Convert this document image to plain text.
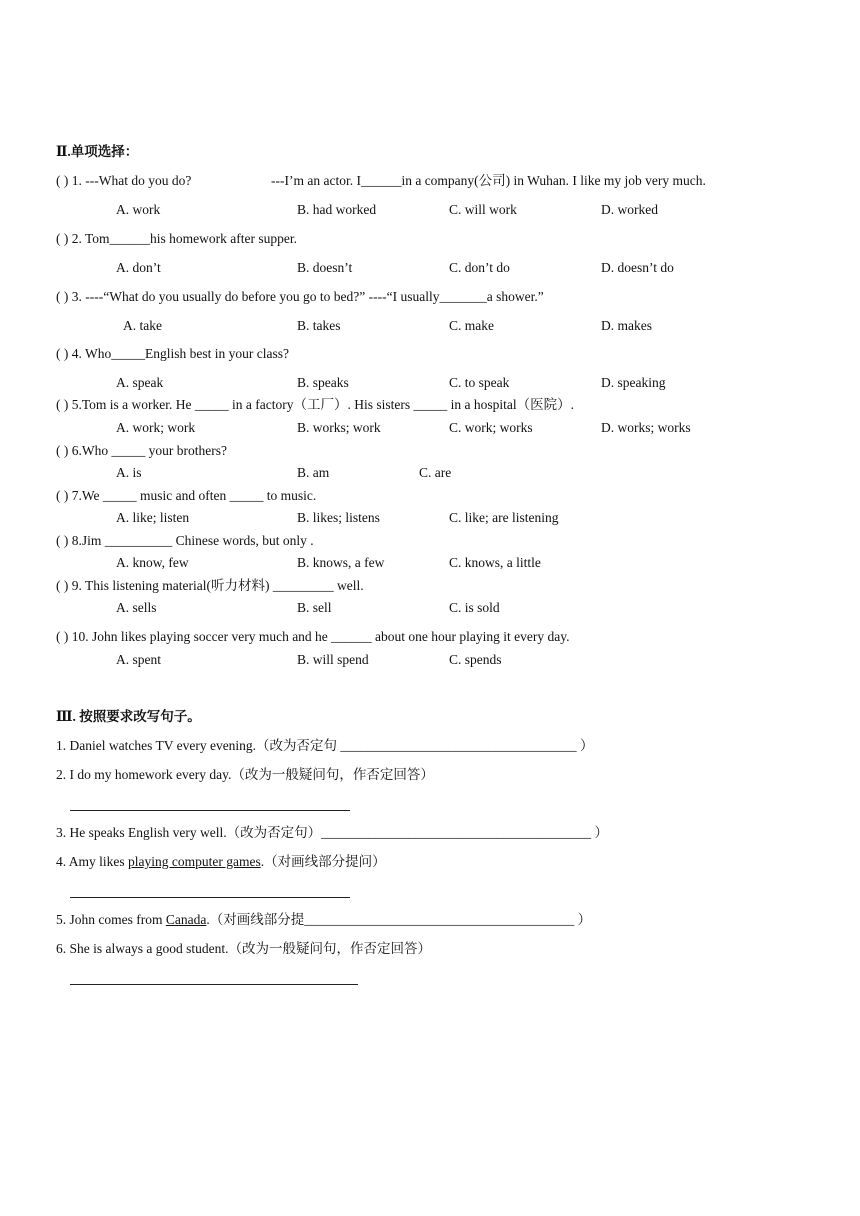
Ⅱ.单项选择：
( ) 1. ---What do you do?	---I’m an actor. I______in a company(公司) in Wuhan. I like my job very much.
A. work	B. had worked	C. will work	D. worked
( ) 2. Tom______his homework after supper.
A. don’t	B. doesn’t	C. don’t do	D. doesn’t do
( ) 3. ----“What do you usually do before you go to bed?” ----“I usually_______a shower.”
A. take	B. takes	C. make	D. makes
( ) 4. Who_____English best in your class?
A. speak	B. speaks	C. to speak	D. speaking
( ) 5.Tom is a worker. He _____ in a factory（工厂）. His sisters _____ in a hospital（医院）.
A. work; work	B. works; work	C. work; works	D. works; works
( ) 6.Who _____ your brothers?
A. is	B. am	C. are
( ) 7.We _____ music and often _____ to music.
A. like; listen	B. likes; listens	C. like; are listening
( ) 8.Jim __________ Chinese words, but only .
A. know, few	B. knows, a few	C. knows, a little
( ) 9. This listening material(听力材料) _________ well.
A. sells	B. sell	C. is sold
( ) 10. John likes playing soccer very much and he ______ about one hour playing it every day.
A. spent	B. will spend	C. spends
Ⅲ. 按照要求改写句子。
1. Daniel watches TV every evening.（改为否定句 ___________________________________ ）
2. I do my homework every day.（改为一般疑问句，作否定回答）
3. He speaks English very well.（改为否定句）________________________________________ ）
4. Amy likes playing computer games.（对画线部分提问）
5. John comes from Canada.（对画线部分提________________________________________ ）
6. She is always a good student.（改为一般疑问句，作否定回答）
